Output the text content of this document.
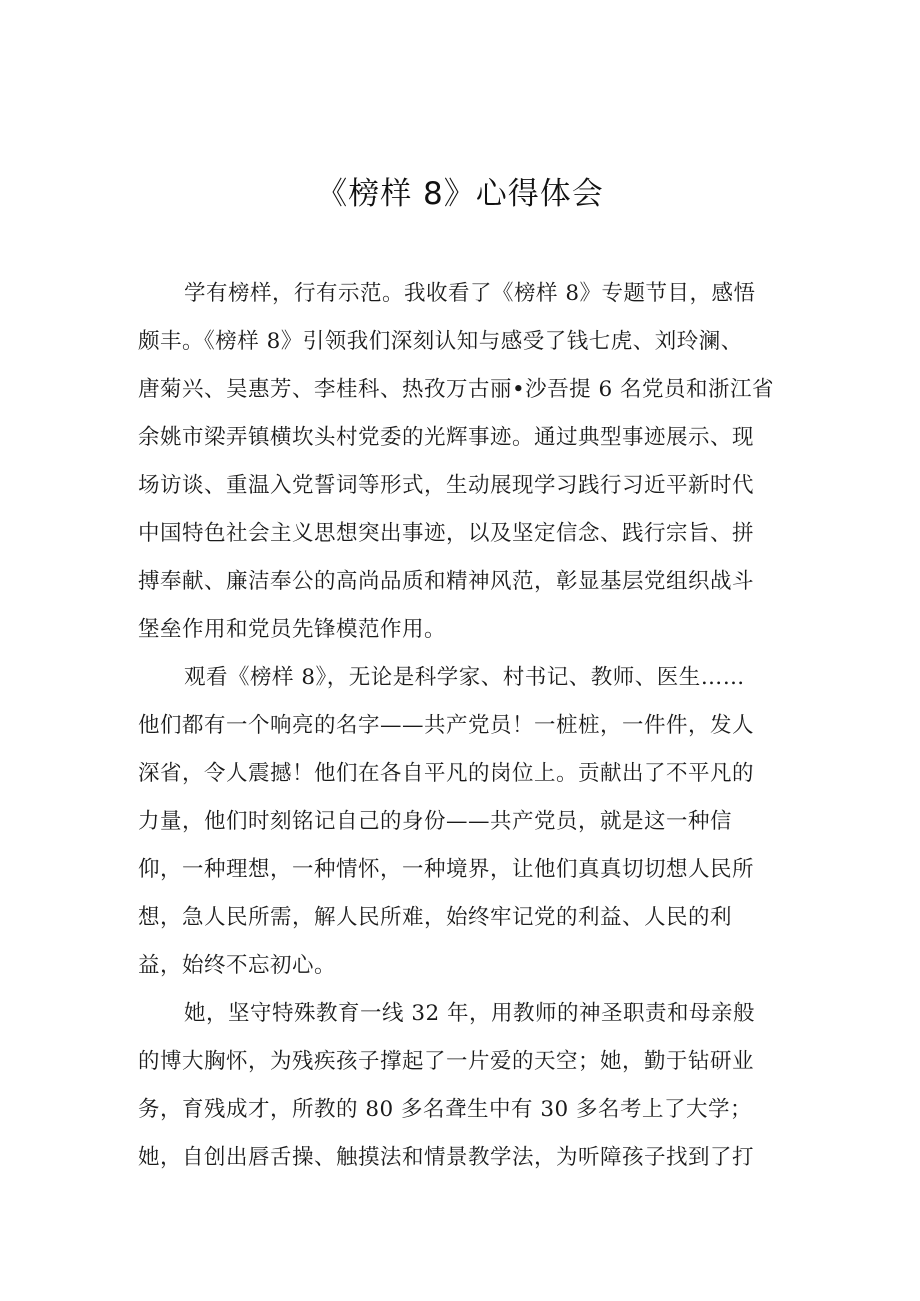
《榜样 8》心得体会

学有榜样，行有示范。我收看了《榜样 8》专题节目，感悟
颇丰。《榜样 8》引领我们深刻认知与感受了钱七虎、刘玲澜、
唐菊兴、吴惠芳、李桂科、热孜万古丽•沙吾提 6 名党员和浙江省
余姚市梁弄镇横坎头村党委的光辉事迹。通过典型事迹展示、现
场访谈、重温入党誓词等形式，生动展现学习践行习近平新时代
中国特色社会主义思想突出事迹，以及坚定信念、践行宗旨、拼
搏奉献、廉洁奉公的高尚品质和精神风范，彰显基层党组织战斗
堡垒作用和党员先锋模范作用。

观看《榜样 8》，无论是科学家、村书记、教师、医生……
他们都有一个响亮的名字——共产党员！一桩桩，一件件，发人
深省，令人震撼！他们在各自平凡的岗位上。贡献出了不平凡的
力量，他们时刻铭记自己的身份——共产党员，就是这一种信
仰，一种理想，一种情怀，一种境界，让他们真真切切想人民所
想，急人民所需，解人民所难，始终牢记党的利益、人民的利
益，始终不忘初心。

她，坚守特殊教育一线 32 年，用教师的神圣职责和母亲般
的博大胸怀，为残疾孩子撑起了一片爱的天空；她，勤于钻研业
务，育残成才，所教的 80 多名聋生中有 30 多名考上了大学；
她，自创出唇舌操、触摸法和情景教学法，为听障孩子找到了打
